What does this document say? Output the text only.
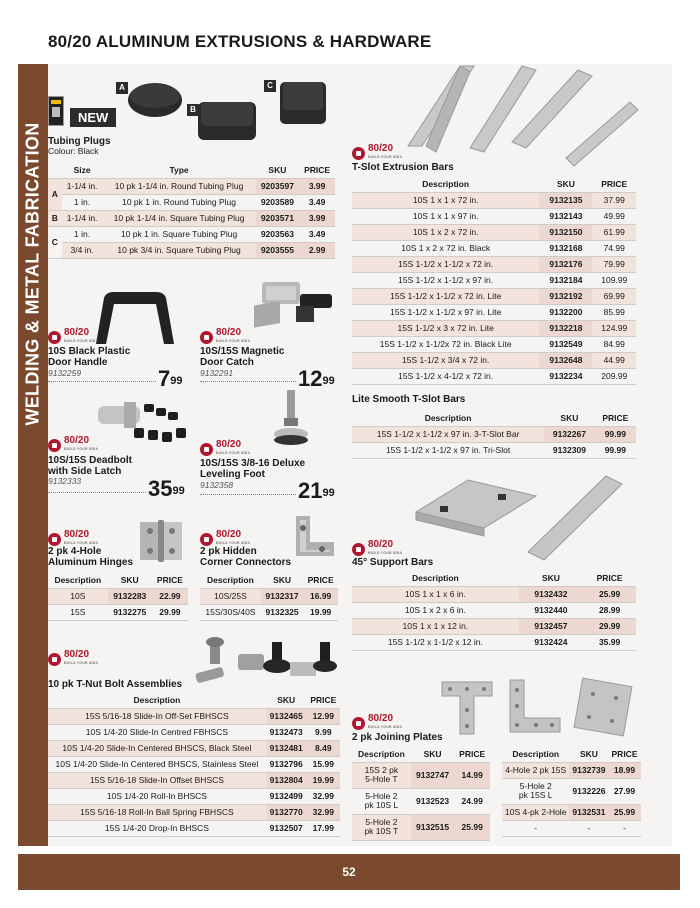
WELDING & METAL FABRICATION
80/20 ALUMINUM EXTRUSIONS & HARDWARE
NEW
A
B
C
Tubing Plugs
Colour: Black
	Size	Type	SKU	PRICE
A	1-1/4 in.	10 pk 1-1/4 in. Round Tubing Plug	9203597	3.99
	1 in.	10 pk 1 in. Round Tubing Plug	9203589	3.49
B	1-1/4 in.	10 pk 1-1/4 in. Square Tubing Plug	9203571	3.99
C	1 in.	10 pk 1 in. Square Tubing Plug	9203563	3.49
	3/4 in.	10 pk 3/4 in. Square Tubing Plug	9203555	2.99
80/20
BUILD YOUR IDEA
10S Black Plastic
Door Handle
9132259	$7^{99}$
80/20
BUILD YOUR IDEA
10S/15S Magnetic
Door Catch
9132291	$12^{99}$
80/20
BUILD YOUR IDEA
10S/15S Deadbolt
with Side Latch
9132333	$35^{99}$
80/20
BUILD YOUR IDEA
10S/15S 3/8-16 Deluxe
Leveling Foot
9132358	$21^{99}$
80/20
BUILD YOUR IDEA
2 pk 4-Hole
Aluminum Hinges
Description	SKU	PRICE
10S	9132283	22.99
15S	9132275	29.99
80/20
BUILD YOUR IDEA
2 pk Hidden
Corner Connectors
Description	SKU	PRICE
10S/25S	9132317	16.99
15S/30S/40S	9132325	19.99
80/20
BUILD YOUR IDEA
10 pk T-Nut Bolt Assemblies
Description	SKU	PRICE
15S 5/16-18 Slide-In Off-Set FBHSCS	9132465	12.99
10S 1/4-20 Slide-In Centred FBHSCS	9132473	9.99
10S 1/4-20 Slide-In Centered BHSCS, Black Steel	9132481	8.49
10S 1/4-20 Slide-In Centered BHSCS, Stainless Steel	9132796	15.99
15S 5/16-18 Slide-In Offset BHSCS	9132804	19.99
10S 1/4-20 Roll-In BHSCS	9132499	32.99
15S 5/16-18 Roll-In Ball Spring FBHSCS	9132770	32.99
15S 1/4-20 Drop-In BHSCS	9132507	17.99
80/20
BUILD YOUR IDEA
T-Slot Extrusion Bars
Description	SKU	PRICE
10S 1 x 1 x 72 in.	9132135	37.99
10S 1 x 1 x 97 in.	9132143	49.99
10S 1 x 2 x 72 in.	9132150	61.99
10S 1 x 2 x 72 in. Black	9132168	74.99
15S 1-1/2 x 1-1/2 x 72 in.	9132176	79.99
15S 1-1/2 x 1-1/2 x 97 in.	9132184	109.99
15S 1-1/2 x 1-1/2 x 72 in. Lite	9132192	69.99
15S 1-1/2 x 1-1/2 x 97 in. Lite	9132200	85.99
15S 1-1/2 x 3 x 72 in. Lite	9132218	124.99
15S 1-1/2 x 1-1/2x 72 in. Black Lite	9132549	84.99
15S 1-1/2 x 3/4 x 72 in.	9132648	44.99
15S 1-1/2 x 4-1/2 x 72 in.	9132234	209.99
Lite Smooth T-Slot Bars
Description	SKU	PRICE
15S 1-1/2 x 1-1/2 x 97 in. 3-T-Slot Bar	9132267	99.99
15S 1-1/2 x 1-1/2 x 97 in. Tri-Slot	9132309	99.99
80/20
BUILD YOUR IDEA
45° Support Bars
Description	SKU	PRICE
10S 1 x 1 x 6 in.	9132432	25.99
10S 1 x 2 x 6 in.	9132440	28.99
10S 1 x 1 x 12 in.	9132457	29.99
15S 1-1/2 x 1-1/2 x 12 in.	9132424	35.99
80/20
BUILD YOUR IDEA
2 pk Joining Plates
Description	SKU	PRICE

15S 2 pk
5-Hole T	9132747	14.99

5-Hole 2
pk 10S L	9132523	24.99

5-Hole 2
pk 10S T	9132515	25.99
Description	SKU	PRICE
4-Hole 2 pk 15S	9132739	18.99

5-Hole 2
pk 15S L	9132226	27.99
10S 4-pk 2-Hole	9132531	25.99
-	-	-
52
